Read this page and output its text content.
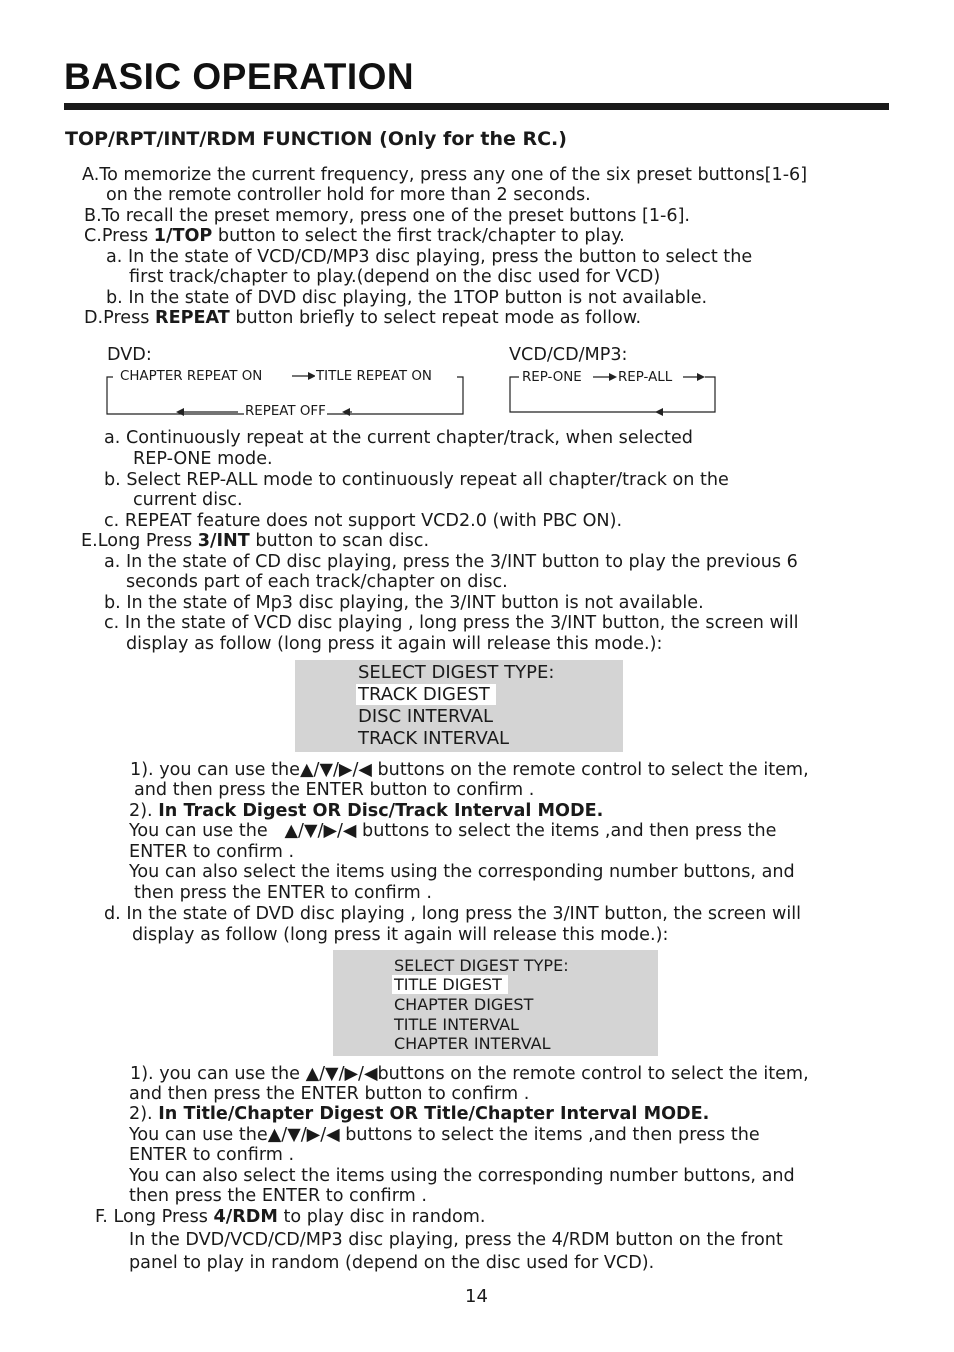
BASIC OPERATION
TOP/RPT/INT/RDM FUNCTION (Only for the RC.)
A.To memorize the current frequency, press any one of the six preset buttons[1-6]
on the remote controller hold for more than 2 seconds.
B.To recall the preset memory, press one of the preset buttons [1-6].
C.Press 1/TOP button to select the first track/chapter to play.
a. In the state of VCD/CD/MP3 disc playing, press the button to select the
first track/chapter to play.(depend on the disc used for VCD)
b. In the state of DVD disc playing, the 1TOP button is not available.
D.Press REPEAT button briefly to select repeat mode as follow.
DVD:
CHAPTER REPEAT ON	TITLE REPEAT ON
REPEAT OFF
VCD/CD/MP3:
REP-ONE	REP-ALL
a. Continuously repeat at the current chapter/track, when selected
REP-ONE mode.
b. Select REP-ALL mode to continuously repeat all chapter/track on the
current disc.
c. REPEAT feature does not support VCD2.0 (with PBC ON).
E.Long Press 3/INT button to scan disc.
a. In the state of CD disc playing, press the 3/INT button to play the previous 6
seconds part of each track/chapter on disc.
b. In the state of Mp3 disc playing, the 3/INT button is not available.
c. In the state of VCD disc playing , long press the 3/INT button, the screen will
display as follow (long press it again will release this mode.):
SELECT DIGEST TYPE:
TRACK DIGEST
DISC INTERVAL
TRACK INTERVAL
1). you can use the▲/▼/▶/◀ buttons on the remote control to select the item,
and then press the ENTER button to confirm .
2). In Track Digest OR Disc/Track Interval MODE.
You can use the   ▲/▼/▶/◀ buttons to select the items ,and then press the
ENTER to confirm .
You can also select the items using the corresponding number buttons, and
then press the ENTER to confirm .
d. In the state of DVD disc playing , long press the 3/INT button, the screen will
display as follow (long press it again will release this mode.):
SELECT DIGEST TYPE:
TITLE DIGEST
CHAPTER DIGEST
TITLE INTERVAL
CHAPTER INTERVAL
1). you can use the ▲/▼/▶/◀buttons on the remote control to select the item,
and then press the ENTER button to confirm .
2). In Title/Chapter Digest OR Title/Chapter Interval MODE.
You can use the▲/▼/▶/◀ buttons to select the items ,and then press the
ENTER to confirm .
You can also select the items using the corresponding number buttons, and
then press the ENTER to confirm .
F. Long Press 4/RDM to play disc in random.
In the DVD/VCD/CD/MP3 disc playing, press the 4/RDM button on the front
panel to play in random (depend on the disc used for VCD).
14
